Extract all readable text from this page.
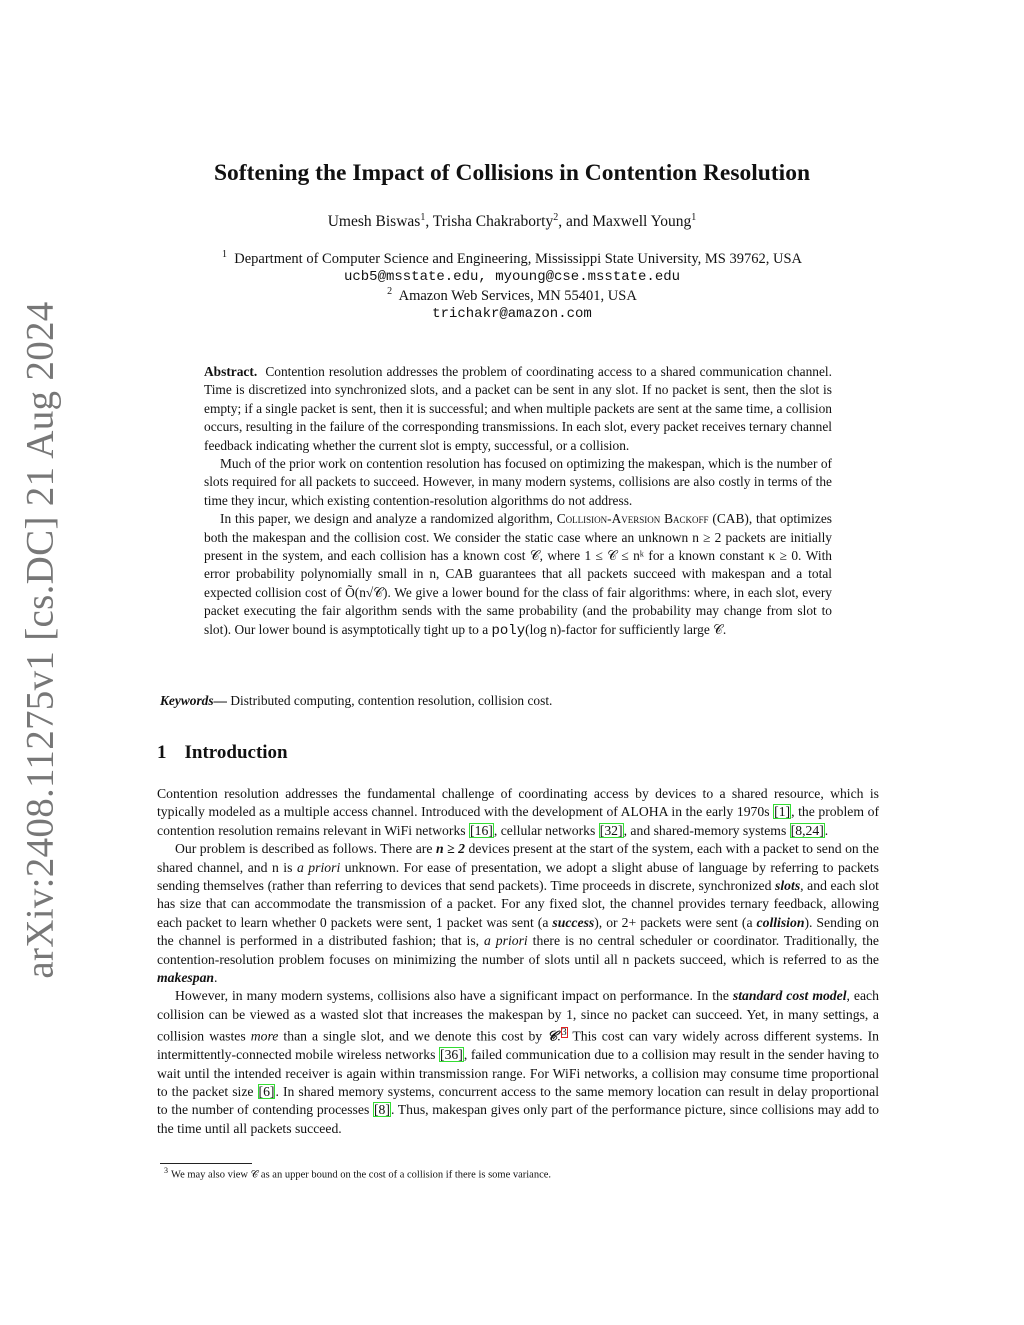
arXiv:2408.11275v1 [cs.DC] 21 Aug 2024
Softening the Impact of Collisions in Contention Resolution
Umesh Biswas$^1$, Trisha Chakraborty$^2$, and Maxwell Young$^1$
$^1$ Department of Computer Science and Engineering, Mississippi State University, MS 39762, USA
ucb5@msstate.edu, myoung@cse.msstate.edu
$^2$ Amazon Web Services, MN 55401, USA
trichakr@amazon.com

Abstract. Contention resolution addresses the problem of coordinating access to a shared communication channel. Time is discretized into synchronized slots, and a packet can be sent in any slot. If no packet is sent, then the slot is empty; if a single packet is sent, then it is successful; and when multiple packets are sent at the same time, a collision occurs, resulting in the failure of the corresponding transmissions. In each slot, every packet receives ternary channel feedback indicating whether the current slot is empty, successful, or a collision.

Much of the prior work on contention resolution has focused on optimizing the makespan, which is the number of slots required for all packets to succeed. However, in many modern systems, collisions are also costly in terms of the time they incur, which existing contention-resolution algorithms do not address.

In this paper, we design and analyze a randomized algorithm, Collision-Aversion Backoff (CAB), that optimizes both the makespan and the collision cost. We consider the static case where an unknown n ≥ 2 packets are initially present in the system, and each collision has a known cost 𝒞, where 1 ≤ 𝒞 ≤ nᵏ for a known constant κ ≥ 0. With error probability polynomially small in n, CAB guarantees that all packets succeed with makespan and a total expected collision cost of Õ(n√𝒞). We give a lower bound for the class of fair algorithms: where, in each slot, every packet executing the fair algorithm sends with the same probability (and the probability may change from slot to slot). Our lower bound is asymptotically tight up to a poly(log n)-factor for sufficiently large 𝒞.

Keywords— Distributed computing, contention resolution, collision cost.
1 Introduction

Contention resolution addresses the fundamental challenge of coordinating access by devices to a shared resource, which is typically modeled as a multiple access channel. Introduced with the development of ALOHA in the early 1970s [1], the problem of contention resolution remains relevant in WiFi networks [16], cellular networks [32], and shared-memory systems [8,24].

Our problem is described as follows. There are n ≥ 2 devices present at the start of the system, each with a packet to send on the shared channel, and n is a priori unknown. For ease of presentation, we adopt a slight abuse of language by referring to packets sending themselves (rather than referring to devices that send packets). Time proceeds in discrete, synchronized slots, and each slot has size that can accommodate the transmission of a packet. For any fixed slot, the channel provides ternary feedback, allowing each packet to learn whether 0 packets were sent, 1 packet was sent (a success), or 2+ packets were sent (a collision). Sending on the channel is performed in a distributed fashion; that is, a priori there is no central scheduler or coordinator. Traditionally, the contention-resolution problem focuses on minimizing the number of slots until all n packets succeed, which is referred to as the makespan.

However, in many modern systems, collisions also have a significant impact on performance. In the standard cost model, each collision can be viewed as a wasted slot that increases the makespan by 1, since no packet can succeed. Yet, in many settings, a collision wastes more than a single slot, and we denote this cost by 𝒞.$^3$ This cost can vary widely across different systems. In intermittently-connected mobile wireless networks [36], failed communication due to a collision may result in the sender having to wait until the intended receiver is again within transmission range. For WiFi networks, a collision may consume time proportional to the packet size [6]. In shared memory systems, concurrent access to the same memory location can result in delay proportional to the number of contending processes [8]. Thus, makespan gives only part of the performance picture, since collisions may add to the time until all packets succeed.

$^3$ We may also view 𝒞 as an upper bound on the cost of a collision if there is some variance.
